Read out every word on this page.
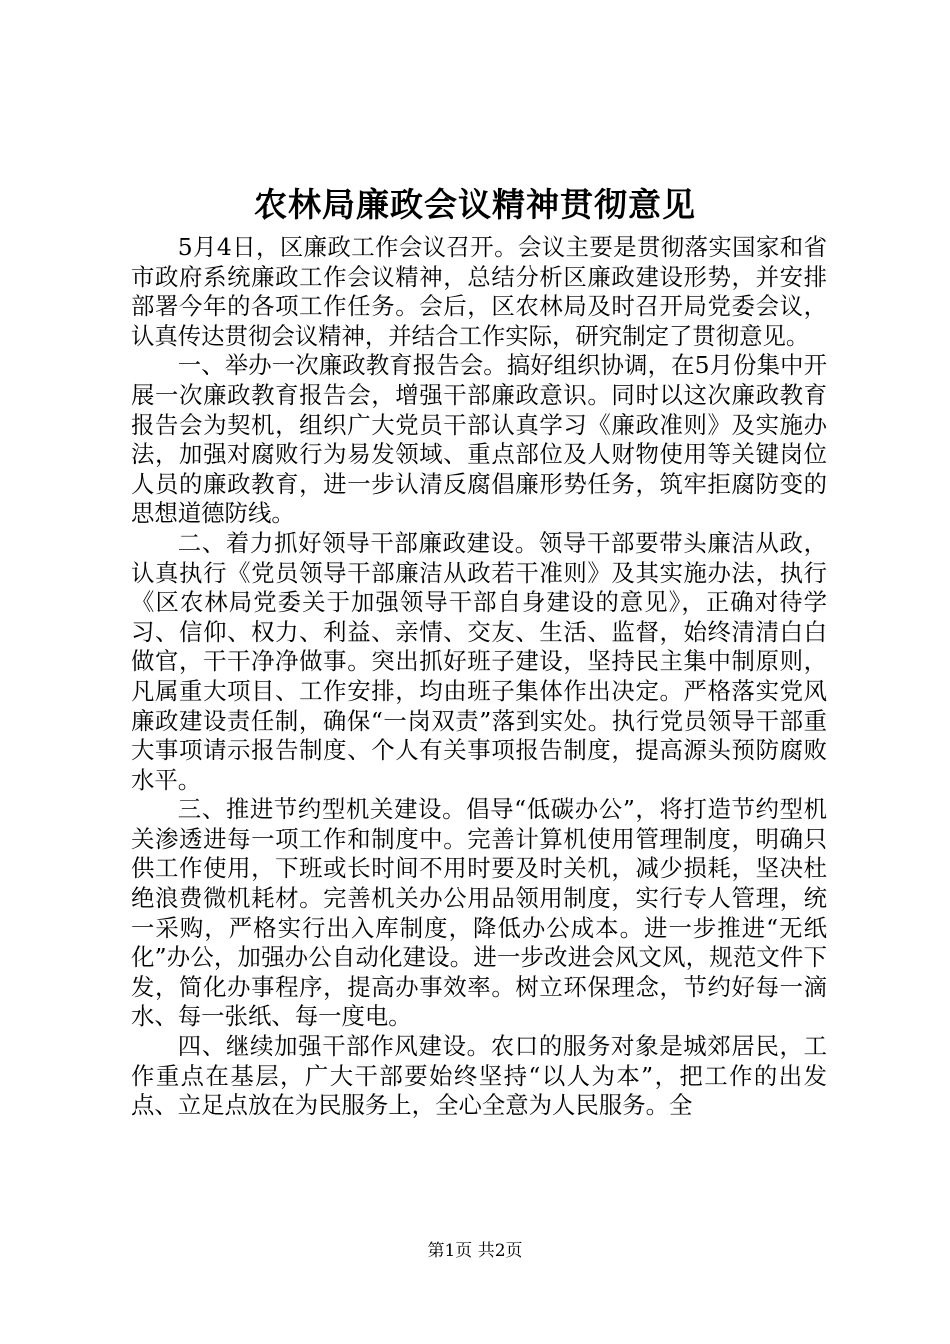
农林局廉政会议精神贯彻意见

5月4日，区廉政工作会议召开。会议主要是贯彻落实国家和省市政府系统廉政工作会议精神，总结分析区廉政建设形势，并安排部署今年的各项工作任务。会后，区农林局及时召开局党委会议，认真传达贯彻会议精神，并结合工作实际，研究制定了贯彻意见。

一、举办一次廉政教育报告会。搞好组织协调，在5月份集中开展一次廉政教育报告会，增强干部廉政意识。同时以这次廉政教育报告会为契机，组织广大党员干部认真学习《廉政准则》及实施办法，加强对腐败行为易发领域、重点部位及人财物使用等关键岗位人员的廉政教育，进一步认清反腐倡廉形势任务，筑牢拒腐防变的思想道德防线。

二、着力抓好领导干部廉政建设。领导干部要带头廉洁从政，认真执行《党员领导干部廉洁从政若干准则》及其实施办法，执行《区农林局党委关于加强领导干部自身建设的意见》，正确对待学习、信仰、权力、利益、亲情、交友、生活、监督，始终清清白白做官，干干净净做事。突出抓好班子建设，坚持民主集中制原则，凡属重大项目、工作安排，均由班子集体作出决定。严格落实党风廉政建设责任制，确保“一岗双责”落到实处。执行党员领导干部重大事项请示报告制度、个人有关事项报告制度，提高源头预防腐败水平。

三、推进节约型机关建设。倡导“低碳办公”，将打造节约型机关渗透进每一项工作和制度中。完善计算机使用管理制度，明确只供工作使用，下班或长时间不用时要及时关机，减少损耗，坚决杜绝浪费微机耗材。完善机关办公用品领用制度，实行专人管理，统一采购，严格实行出入库制度，降低办公成本。进一步推进“无纸化”办公，加强办公自动化建设。进一步改进会风文风，规范文件下发，简化办事程序，提高办事效率。树立环保理念，节约好每一滴水、每一张纸、每一度电。

四、继续加强干部作风建设。农口的服务对象是城郊居民，工作重点在基层，广大干部要始终坚持“以人为本”，把工作的出发点、立足点放在为民服务上，全心全意为人民服务。全

第1页 共2页
